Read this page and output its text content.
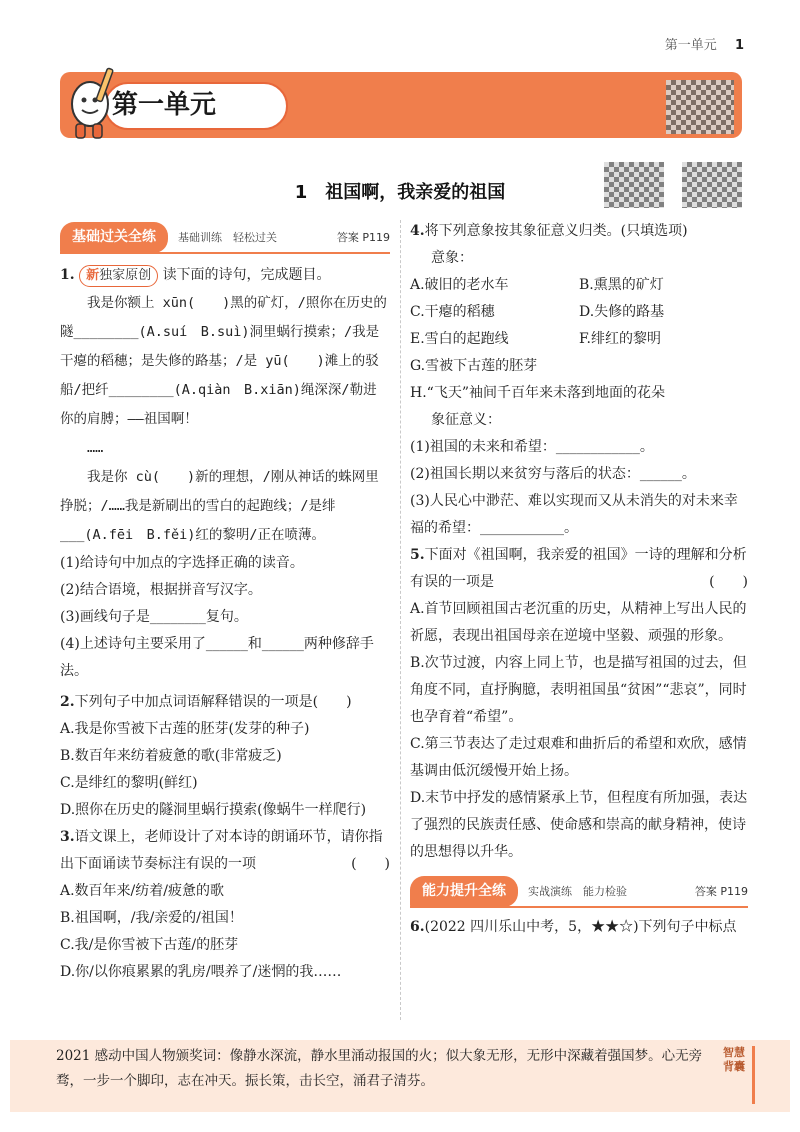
第一单元 1
第一单元
1　祖国啊，我亲爱的祖国
基础过关全练	基础训练　轻松过关	答案 P119

1. 新独家原创 读下面的诗句，完成题目。

我是你额上 xūn(　　)黑的矿灯，/照你在历史的隧________(A.suí　B.suì)洞里蜗行摸索；/我是干瘪的稻穗；是失修的路基；/是 yū(　　)滩上的驳船/把纤________(A.qiàn　B.xiān)绳深深/勒进你的肩膊；——祖国啊！

……

我是你 cù(　　)新的理想，/刚从神话的蛛网里挣脱；/……我是新刷出的雪白的起跑线；/是绯___(A.fēi　B.fěi)红的黎明/正在喷薄。

(1)给诗句中加点的字选择正确的读音。

(2)结合语境，根据拼音写汉字。

(3)画线句子是________复句。

(4)上述诗句主要采用了______和______两种修辞手法。

2.下列句子中加点词语解释错误的一项是(　　)

A.我是你雪被下古莲的胚芽(发芽的种子)

B.数百年来纺着疲惫的歌(非常疲乏)

C.是绯红的黎明(鲜红)

D.照你在历史的隧洞里蜗行摸索(像蜗牛一样爬行)

3.语文课上，老师设计了对本诗的朗诵环节，请你指出下面诵读节奏标注有误的一项	(　　)

A.数百年来/纺着/疲惫的歌

B.祖国啊，/我/亲爱的/祖国！

C.我/是你雪被下古莲/的胚芽

D.你/以你痕累累的乳房/喂养了/迷惘的我……

4.将下列意象按其象征意义归类。(只填选项)

意象：

A.破旧的老水车	B.熏黑的矿灯
C.干瘪的稻穗	D.失修的路基
E.雪白的起跑线	F.绯红的黎明

G.雪被下古莲的胚芽

H.“飞天”袖间千百年来未落到地面的花朵

象征意义：

(1)祖国的未来和希望：____________。

(2)祖国长期以来贫穷与落后的状态：______。

(3)人民心中渺茫、难以实现而又从未消失的对未来幸福的希望：____________。

5.下面对《祖国啊，我亲爱的祖国》一诗的理解和分析有误的一项是	(　　)

A.首节回顾祖国古老沉重的历史，从精神上写出人民的祈愿，表现出祖国母亲在逆境中坚毅、顽强的形象。

B.次节过渡，内容上同上节，也是描写祖国的过去，但角度不同，直抒胸臆，表明祖国虽“贫困”“悲哀”，同时也孕育着“希望”。

C.第三节表达了走过艰难和曲折后的希望和欢欣，感情基调由低沉缓慢开始上扬。

D.末节中抒发的感情紧承上节，但程度有所加强，表达了强烈的民族责任感、使命感和崇高的献身精神，使诗的思想得以升华。

能力提升全练	实战演练　能力检验	答案 P119

6.(2022 四川乐山中考，5，★★☆)下列句子中标点

2021 感动中国人物颁奖词：像静水深流，静水里涌动报国的火；似大象无形，无形中深藏着强国梦。心无旁骛，一步一个脚印，志在冲天。振长策，击长空，涌君子清芬。
智慧背囊
